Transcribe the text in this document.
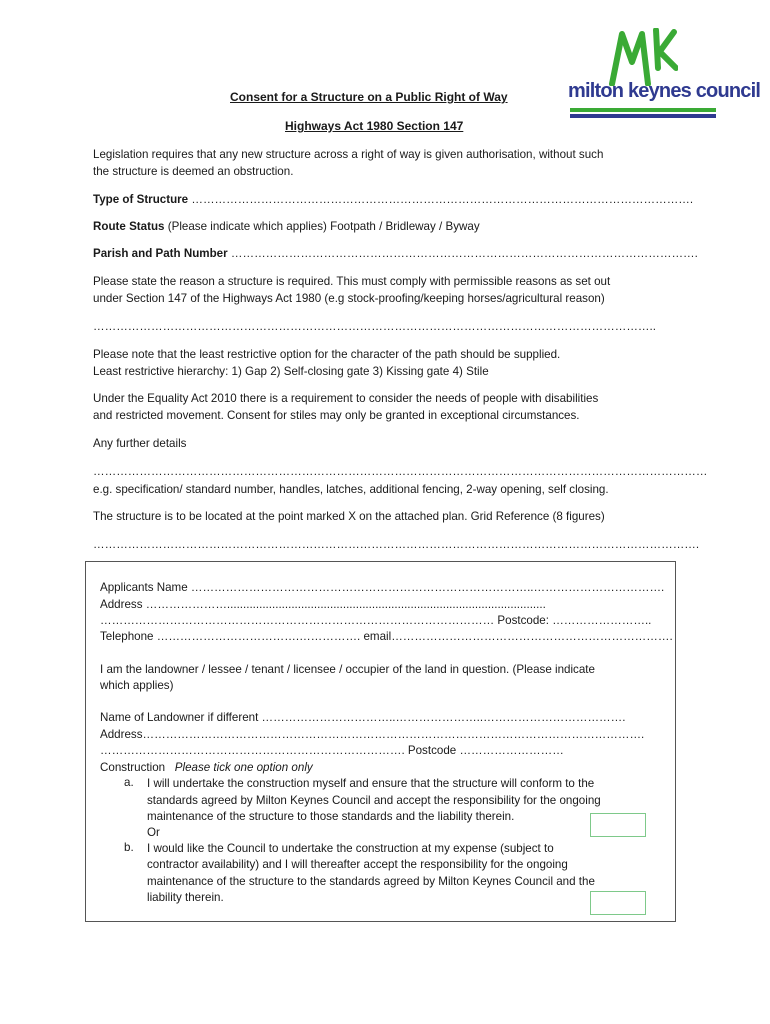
milton keynes council
Consent for a Structure on a Public Right of Way
Highways Act 1980 Section 147
Legislation requires that any new structure across a right of way is given authorisation, without such
the structure is deemed an obstruction.
Type of Structure ………………………………………………………………………………………………………………….
Route Status (Please indicate which applies) Footpath / Bridleway / Byway
Parish and Path Number ………………………………………………………………………………………………………….
Please state the reason a structure is required. This must comply with permissible reasons as set out
under Section 147 of the Highways Act 1980 (e.g stock-proofing/keeping horses/agricultural reason)
………………………………………………………………………………………………………………………………..
Please note that the least restrictive option for the character of the path should be supplied.
Least restrictive hierarchy: 1) Gap 2) Self-closing gate 3) Kissing gate 4) Stile
Under the Equality Act 2010 there is a requirement to consider the needs of people with disabilities
and restricted movement. Consent for stiles may only be granted in exceptional circumstances.
Any further details
……………………………………………………………………………………………………………………………………………
e.g. specification/ standard number, handles, latches, additional fencing, 2-way opening, self closing.
The structure is to be located at the point marked X on the attached plan. Grid Reference (8 figures)
………………………………………………………………………………………………………………………………………….
Applicants Name ……………………………………………………………………………..…………………………….
Address …………………...................................................................................................
………………………………………………………………………………………… Postcode: ……………………..
Telephone ……………………………….……………. email……………………………………………………………….
I am the landowner / lessee / tenant / licensee / occupier of the land in question. (Please indicate
which applies)
Name of Landowner if different ……………………………..…………………..……………………………….
Address………………………………………………………………………………………………………………….
……………………………………………………………………. Postcode ………………………
Construction Please tick one option only
a. I will undertake the construction myself and ensure that the structure will conform to the
standards agreed by Milton Keynes Council and accept the responsibility for the ongoing
maintenance of the structure to those standards and the liability therein.
Or
b. I would like the Council to undertake the construction at my expense (subject to
contractor availability) and I will thereafter accept the responsibility for the ongoing
maintenance of the structure to the standards agreed by Milton Keynes Council and the
liability therein.
